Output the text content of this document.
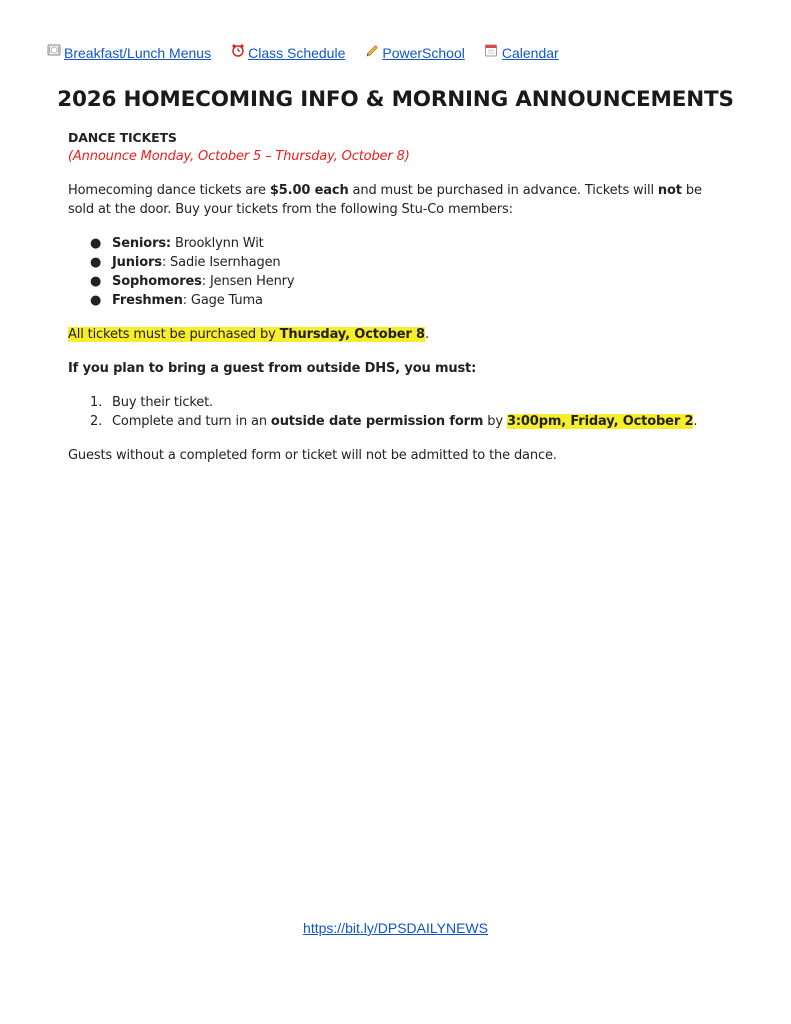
Breakfast/Lunch Menus	Class Schedule	PowerSchool	Calendar
2026 HOMECOMING INFO & MORNING ANNOUNCEMENTS

DANCE TICKETS

(Announce Monday, October 5 – Thursday, October 8)

Homecoming dance tickets are $5.00 each and must be purchased in advance. Tickets will not be sold at the door. Buy your tickets from the following Stu-Co members:

● Seniors: Brooklynn Wit
● Juniors: Sadie Isernhagen
● Sophomores: Jensen Henry
● Freshmen: Gage Tuma

All tickets must be purchased by Thursday, October 8.

If you plan to bring a guest from outside DHS, you must:

1. Buy their ticket.
2. Complete and turn in an outside date permission form by 3:00pm, Friday, October 2.

Guests without a completed form or ticket will not be admitted to the dance.

https://bit.ly/DPSDAILYNEWS
